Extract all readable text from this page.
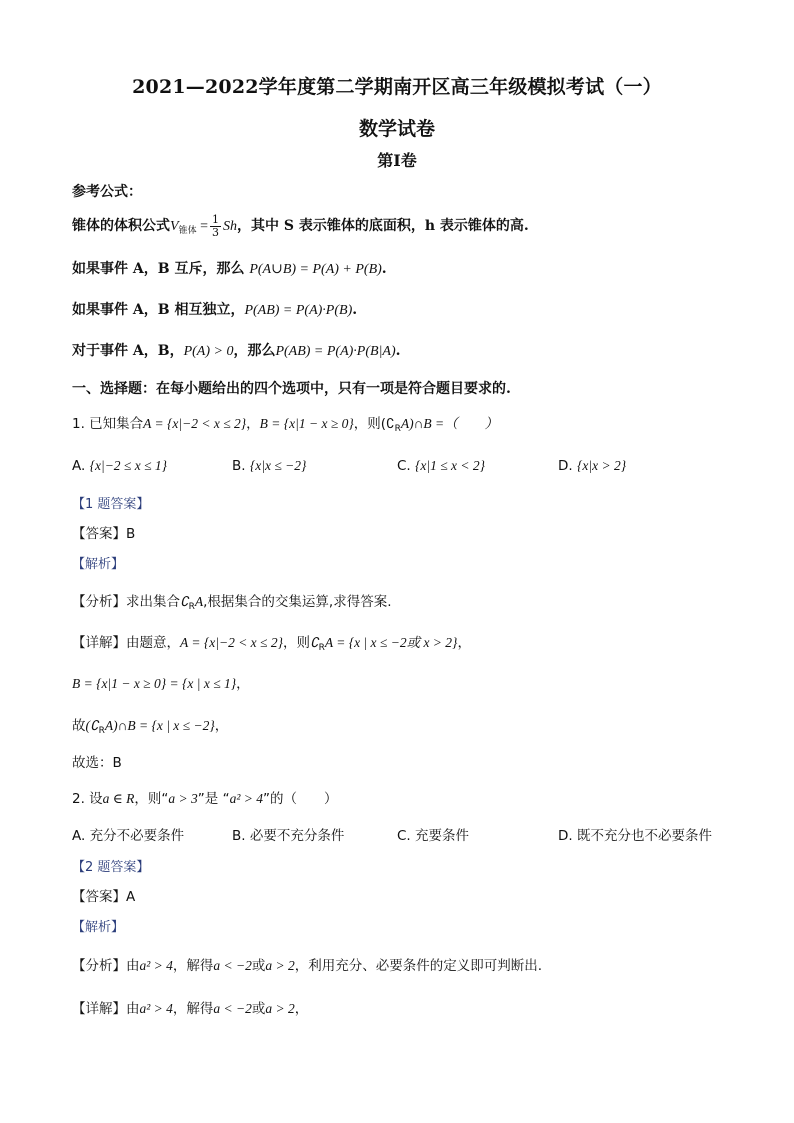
2021—2022学年度第二学期南开区高三年级模拟考试（一）
数学试卷
第I卷
参考公式：
锥体的体积公式$V_{锥体} = \frac{1}{3}$ Sh，其中 S 表示锥体的底面积，h 表示锥体的高.
如果事件 A，B 互斥，那么 P(A∪B) = P(A) + P(B).
如果事件 A，B 相互独立，P(AB) = P(A)·P(B).
对于事件 A，B，P(A) > 0，那么P(AB) = P(A)·P(B|A).
一、选择题：在每小题给出的四个选项中，只有一项是符合题目要求的.
1. 已知集合A = {x|−2 < x ≤ 2}，B = {x|1 − x ≥ 0}，则$(∁_RA)\cap B$ =（　　）
A. {x|−2 ≤ x ≤ 1}	B. {x|x ≤ −2}	C. {x|1 ≤ x < 2}	D. {x|x > 2}
【1 题答案】
【答案】B
【解析】
【分析】求出集合$∁_RA$,根据集合的交集运算,求得答案.
【详解】由题意，A = {x|−2 < x ≤ 2}，则$∁_RA = \{x$ | x ≤ −2或 x > 2}，
B = {x|1 − x ≥ 0} = {x | x ≤ 1}，
故$(∁_RA)\cap B = \{x$ | x ≤ −2}，
故选：B
2. 设a ∈ R，则“a > 3”是 “a² > 4”的（　　）
A. 充分不必要条件	B. 必要不充分条件	C. 充要条件	D. 既不充分也不必要条件
【2 题答案】
【答案】A
【解析】
【分析】由a² > 4，解得a < −2或a > 2，利用充分、必要条件的定义即可判断出.
【详解】由a² > 4，解得a < −2或a > 2，
